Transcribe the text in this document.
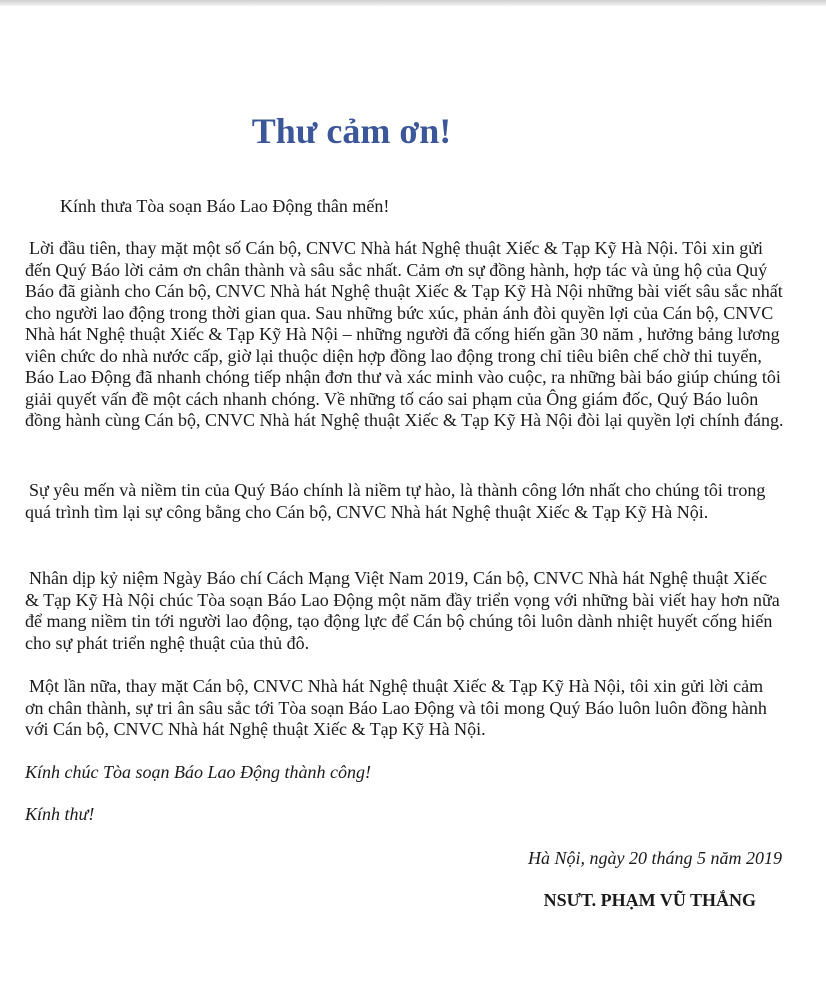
Thư cảm ơn!

Kính thưa Tòa soạn Báo Lao Động thân mến!

Lời đầu tiên, thay mặt một số Cán bộ, CNVC Nhà hát Nghệ thuật Xiếc & Tạp Kỹ Hà Nội. Tôi xin gửi đến Quý Báo lời cảm ơn chân thành và sâu sắc nhất. Cảm ơn sự đồng hành, hợp tác và ủng hộ của Quý Báo đã giành cho Cán bộ, CNVC Nhà hát Nghệ thuật Xiếc & Tạp Kỹ Hà Nội những bài viết sâu sắc nhất cho người lao động trong thời gian qua. Sau những bức xúc, phản ánh đòi quyền lợi của Cán bộ, CNVC Nhà hát Nghệ thuật Xiếc & Tạp Kỹ Hà Nội – những người đã cống hiến gần 30 năm , hưởng bảng lương viên chức do nhà nước cấp, giờ lại thuộc diện hợp đồng lao động trong chỉ tiêu biên chế chờ thi tuyển, Báo Lao Động đã nhanh chóng tiếp nhận đơn thư và xác minh vào cuộc, ra những bài báo giúp chúng tôi giải quyết vấn đề một cách nhanh chóng. Về những tố cáo sai phạm của Ông giám đốc, Quý Báo luôn đồng hành cùng Cán bộ, CNVC Nhà hát Nghệ thuật Xiếc & Tạp Kỹ Hà Nội đòi lại quyền lợi chính đáng.

Sự yêu mến và niềm tin của Quý Báo chính là niềm tự hào, là thành công lớn nhất cho chúng tôi trong quá trình tìm lại sự công bằng cho Cán bộ, CNVC Nhà hát Nghệ thuật Xiếc & Tạp Kỹ Hà Nội.

Nhân dịp kỷ niệm Ngày Báo chí Cách Mạng Việt Nam 2019, Cán bộ, CNVC Nhà hát Nghệ thuật Xiếc & Tạp Kỹ Hà Nội chúc Tòa soạn Báo Lao Động một năm đầy triển vọng với những bài viết hay hơn nữa để mang niềm tin tới người lao động, tạo động lực để Cán bộ chúng tôi luôn dành nhiệt huyết cống hiến cho sự phát triển nghệ thuật của thủ đô.

Một lần nữa, thay mặt Cán bộ, CNVC Nhà hát Nghệ thuật Xiếc & Tạp Kỹ Hà Nội, tôi xin gửi lời cảm ơn chân thành, sự tri ân sâu sắc tới Tòa soạn Báo Lao Động và tôi mong Quý Báo luôn luôn đồng hành với Cán bộ, CNVC Nhà hát Nghệ thuật Xiếc & Tạp Kỹ Hà Nội.

Kính chúc Tòa soạn Báo Lao Động thành công!

Kính thư!

Hà Nội, ngày 20 tháng 5 năm 2019

NSƯT. PHẠM VŨ THẮNG
